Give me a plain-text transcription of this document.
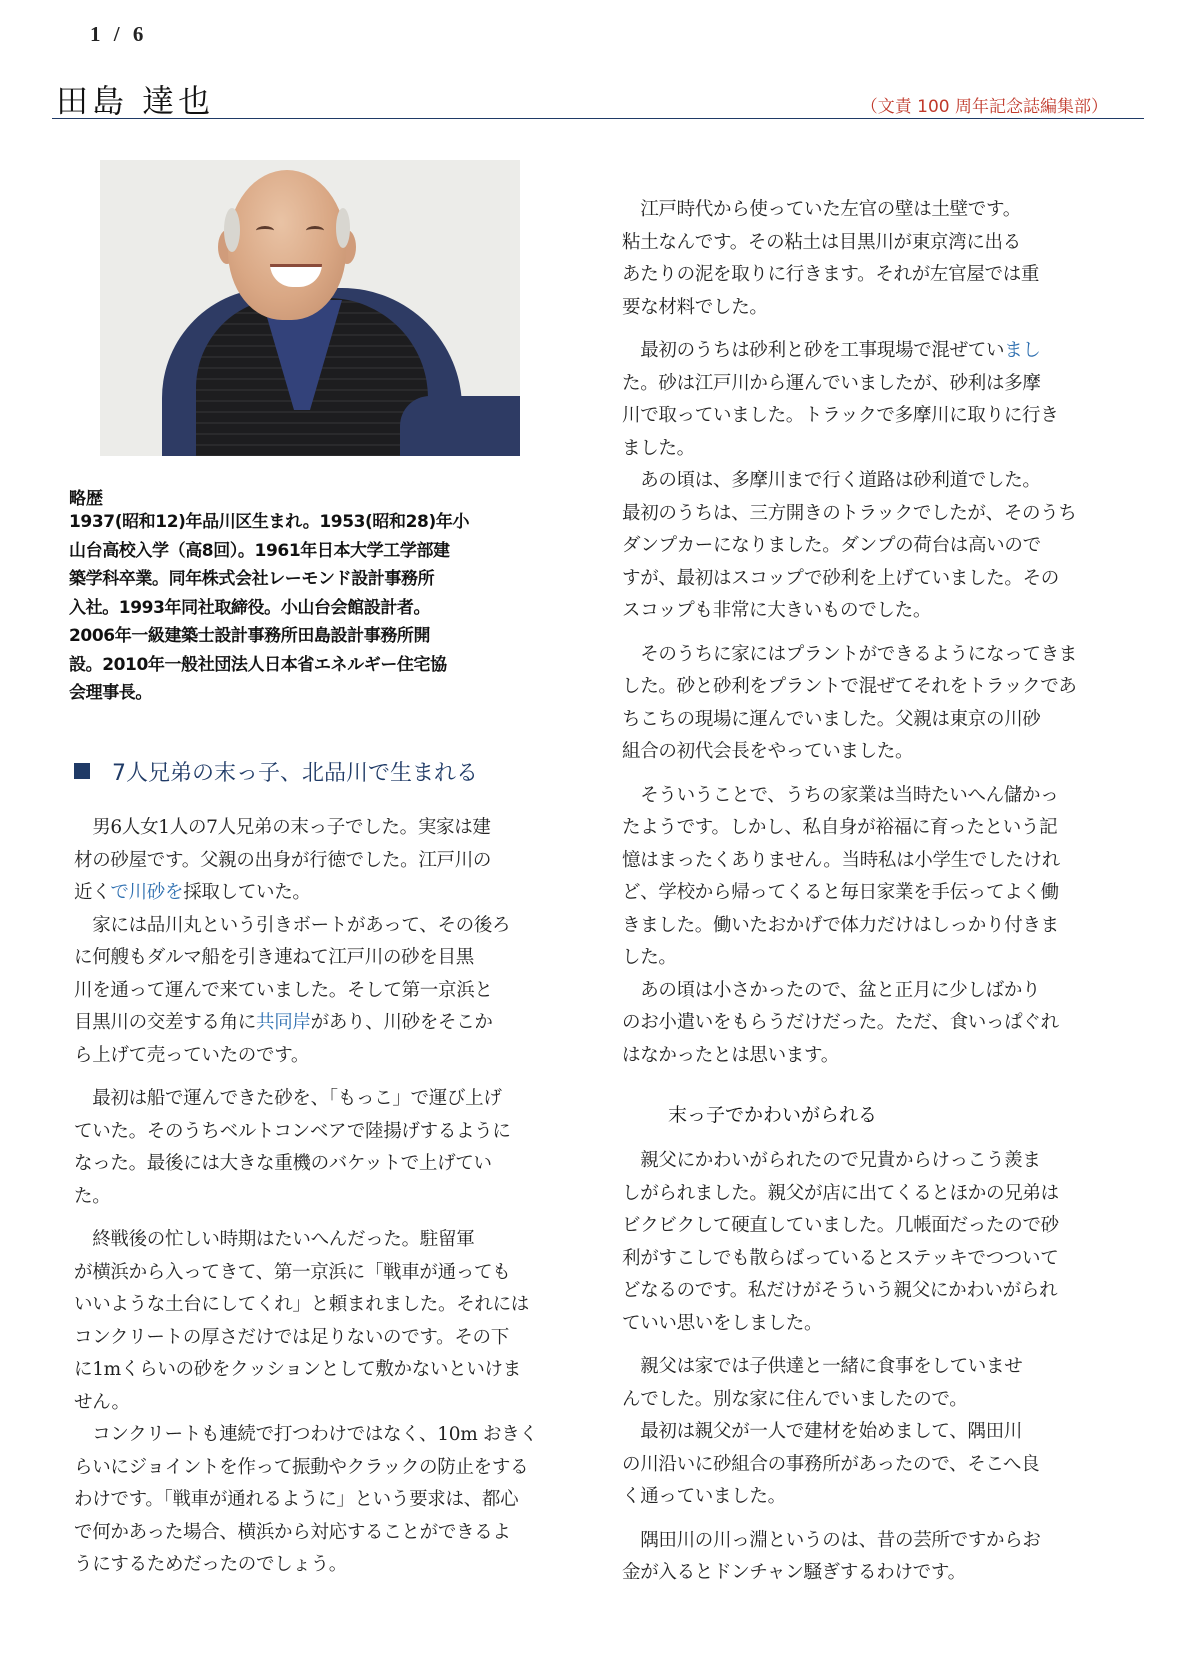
1 / 6
田島 達也	（文責 100 周年記念誌編集部）
略歴
1937(昭和12)年品川区生まれ。1953(昭和28)年小
山台高校入学（高8回）。1961年日本大学工学部建
築学科卒業。同年株式会社レーモンド設計事務所
入社。1993年同社取締役。小山台会館設計者。
2006年一級建築士設計事務所田島設計事務所開
設。2010年一般社団法人日本省エネルギー住宅協
会理事長。
7人兄弟の末っ子、北品川で生まれる

　男6人女1人の7人兄弟の末っ子でした。実家は建

材の砂屋です。父親の出身が行徳でした。江戸川の

近くで川砂を採取していた。

　家には品川丸という引きボートがあって、その後ろ

に何艘もダルマ船を引き連ねて江戸川の砂を目黒

川を通って運んで来ていました。そして第一京浜と

目黒川の交差する角に共同岸があり、川砂をそこか

ら上げて売っていたのです。

　最初は船で運んできた砂を、「もっこ」で運び上げ

ていた。そのうちベルトコンベアで陸揚げするように

なった。最後には大きな重機のバケットで上げてい

た。

　終戦後の忙しい時期はたいへんだった。駐留軍

が横浜から入ってきて、第一京浜に「戦車が通っても

いいような土台にしてくれ」と頼まれました。それには

コンクリートの厚さだけでは足りないのです。その下

に1mくらいの砂をクッションとして敷かないといけま

せん。

　コンクリートも連続で打つわけではなく、10m おきく

らいにジョイントを作って振動やクラックの防止をする

わけです。「戦車が通れるように」という要求は、都心

で何かあった場合、横浜から対応することができるよ

うにするためだったのでしょう。

　江戸時代から使っていた左官の壁は土壁です。

粘土なんです。その粘土は目黒川が東京湾に出る

あたりの泥を取りに行きます。それが左官屋では重

要な材料でした。

　最初のうちは砂利と砂を工事現場で混ぜていまし

た。砂は江戸川から運んでいましたが、砂利は多摩

川で取っていました。トラックで多摩川に取りに行き

ました。

　あの頃は、多摩川まで行く道路は砂利道でした。

最初のうちは、三方開きのトラックでしたが、そのうち

ダンプカーになりました。ダンプの荷台は高いので

すが、最初はスコップで砂利を上げていました。その

スコップも非常に大きいものでした。

　そのうちに家にはプラントができるようになってきま

した。砂と砂利をプラントで混ぜてそれをトラックであ

ちこちの現場に運んでいました。父親は東京の川砂

組合の初代会長をやっていました。

　そういうことで、うちの家業は当時たいへん儲かっ

たようです。しかし、私自身が裕福に育ったという記

憶はまったくありません。当時私は小学生でしたけれ

ど、学校から帰ってくると毎日家業を手伝ってよく働

きました。働いたおかげで体力だけはしっかり付きま

した。

　あの頃は小さかったので、盆と正月に少しばかり

のお小遣いをもらうだけだった。ただ、食いっぱぐれ

はなかったとは思います。

末っ子でかわいがられる

　親父にかわいがられたので兄貴からけっこう羨ま

しがられました。親父が店に出てくるとほかの兄弟は

ビクビクして硬直していました。几帳面だったので砂

利がすこしでも散らばっているとステッキでつついて

どなるのです。私だけがそういう親父にかわいがられ

ていい思いをしました。

　親父は家では子供達と一緒に食事をしていませ

んでした。別な家に住んでいましたので。

　最初は親父が一人で建材を始めまして、隅田川

の川沿いに砂組合の事務所があったので、そこへ良

く通っていました。

　隅田川の川っ淵というのは、昔の芸所ですからお

金が入るとドンチャン騒ぎするわけです。
